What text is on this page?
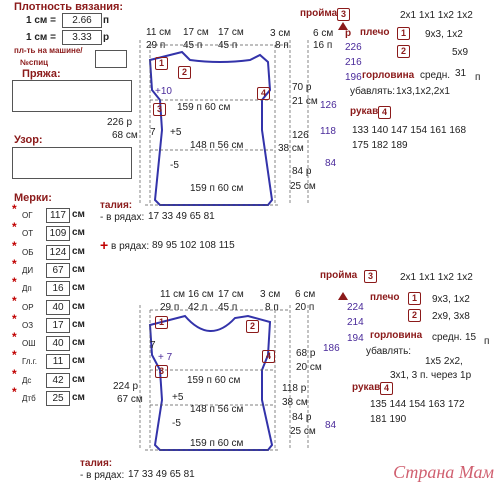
+
Плотность вязания:
1 см =	2.66	п
1 см =	3.33	р
пл-ть на машине/
№спиц
Пряжа:
Узор:
Мерки:
* ОГ	117 см
* ОТ	109 см
* ОБ	124 см
* ДИ	67 см
* Дп	16 см
* ОР	40 см
* ОЗ	17 см
* ОШ	40 см
* Гл.г.	11 см
* Дс	42 см
* Дтб	25 см
пройма 3	2х1 1х1 1х2 1х2
плечо	1	9х3, 1х2
2	5х9
горловина средн. 31 п
убавлять: 1х3,1х2,2х1
рукав 4
133 140 147 154 161 168
175 182 189
11 см
29 п
17 см
45 п
17 см
45 п
3 см 6 см
8 п 16 п
р
226
216
196
126
118
84
226 р
68 см
1
2
4
3
+10
159 п 60 см
7 +5
148 п 56 см
-5
159 п 60 см
70 р
21 см
126
38 см
84 р
25 см
талия:
- в рядах: 17 33 49 65 81
в рядах: 89 95 102 108 115
пройма	3	2х1 1х1 1х2 1х2
плечо	1	9х3, 1х2
2	2х9, 3х8
горловина средн. 15 п
убавлять:
1х5 2х2,
3х1, 3 п. через 1р
рукав 4
135 144 154 163 172
181 190
11 см 16 см 17 см
29 п 42 п 45 п
3 см
8 п
6 см
20 п	224
214
194
186
84
224 р
67 см
1	2
4
3
7
+ 7
159 п 60 см
+5
148 п 56 см
-5
159 п 60 см
68 р
20 см
118 р
38 см
84 р
25 см
талия:
- в рядах: 17 33 49 65 81	Страна Мам
